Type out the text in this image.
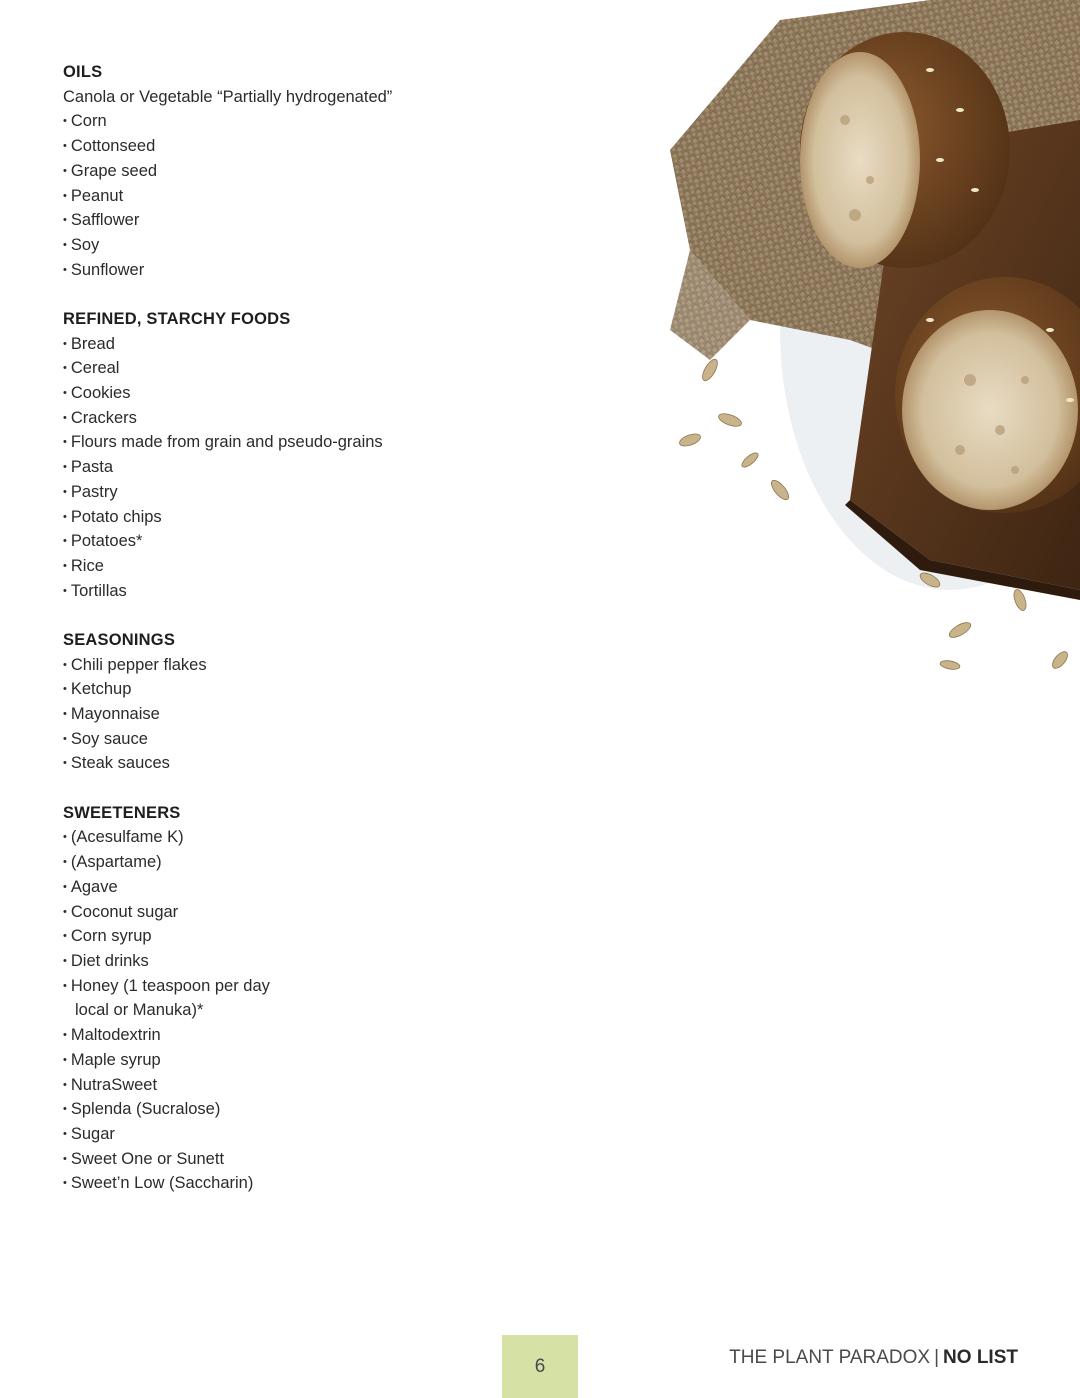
OILS
Canola or Vegetable “Partially hydrogenated”
• Corn
• Cottonseed
• Grape seed
• Peanut
• Safflower
• Soy
• Sunflower
REFINED, STARCHY FOODS
• Bread
• Cereal
• Cookies
• Crackers
• Flours made from grain and pseudo-grains
• Pasta
• Pastry
• Potato chips
• Potatoes*
• Rice
• Tortillas
SEASONINGS
• Chili pepper flakes
• Ketchup
• Mayonnaise
• Soy sauce
• Steak sauces
SWEETENERS
• (Acesulfame K)
• (Aspartame)
• Agave
• Coconut sugar
• Corn syrup
• Diet drinks
• Honey (1 teaspoon per day
local or Manuka)*
• Maltodextrin
• Maple syrup
• NutraSweet
• Splenda (Sucralose)
• Sugar
• Sweet One or Sunett
• Sweet’n Low (Saccharin)
6	THE PLANT PARADOX | NO LIST
